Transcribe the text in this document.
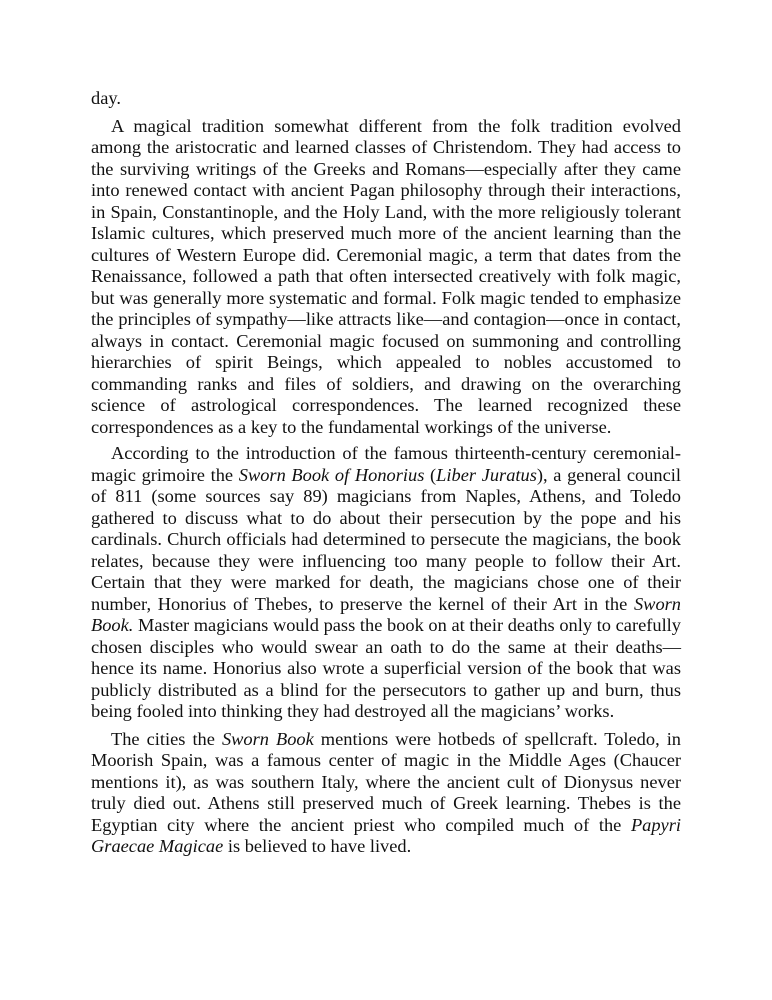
day.

A magical tradition somewhat different from the folk tradition evolved among the aristocratic and learned classes of Christendom. They had access to the surviving writings of the Greeks and Romans—especially after they came into renewed contact with ancient Pagan philosophy through their interactions, in Spain, Constantinople, and the Holy Land, with the more religiously tolerant Islamic cultures, which preserved much more of the ancient learning than the cultures of Western Europe did. Ceremonial magic, a term that dates from the Renaissance, followed a path that often intersected creatively with folk magic, but was generally more systematic and formal. Folk magic tended to emphasize the principles of sympathy—like attracts like—and contagion—once in contact, always in contact. Ceremonial magic focused on summoning and controlling hierarchies of spirit Beings, which appealed to nobles accustomed to commanding ranks and files of soldiers, and drawing on the overarching science of astrological correspondences. The learned recognized these correspondences as a key to the fundamental workings of the universe.

According to the introduction of the famous thirteenth-century ceremonial-magic grimoire the Sworn Book of Honorius (Liber Juratus), a general council of 811 (some sources say 89) magicians from Naples, Athens, and Toledo gathered to discuss what to do about their persecution by the pope and his cardinals. Church officials had determined to persecute the magicians, the book relates, because they were influencing too many people to follow their Art. Certain that they were marked for death, the magicians chose one of their number, Honorius of Thebes, to preserve the kernel of their Art in the Sworn Book. Master magicians would pass the book on at their deaths only to carefully chosen disciples who would swear an oath to do the same at their deaths—hence its name. Honorius also wrote a superficial version of the book that was publicly distributed as a blind for the persecutors to gather up and burn, thus being fooled into thinking they had destroyed all the magicians’ works.

The cities the Sworn Book mentions were hotbeds of spellcraft. Toledo, in Moorish Spain, was a famous center of magic in the Middle Ages (Chaucer mentions it), as was southern Italy, where the ancient cult of Dionysus never truly died out. Athens still preserved much of Greek learning. Thebes is the Egyptian city where the ancient priest who compiled much of the Papyri Graecae Magicae is believed to have lived.
